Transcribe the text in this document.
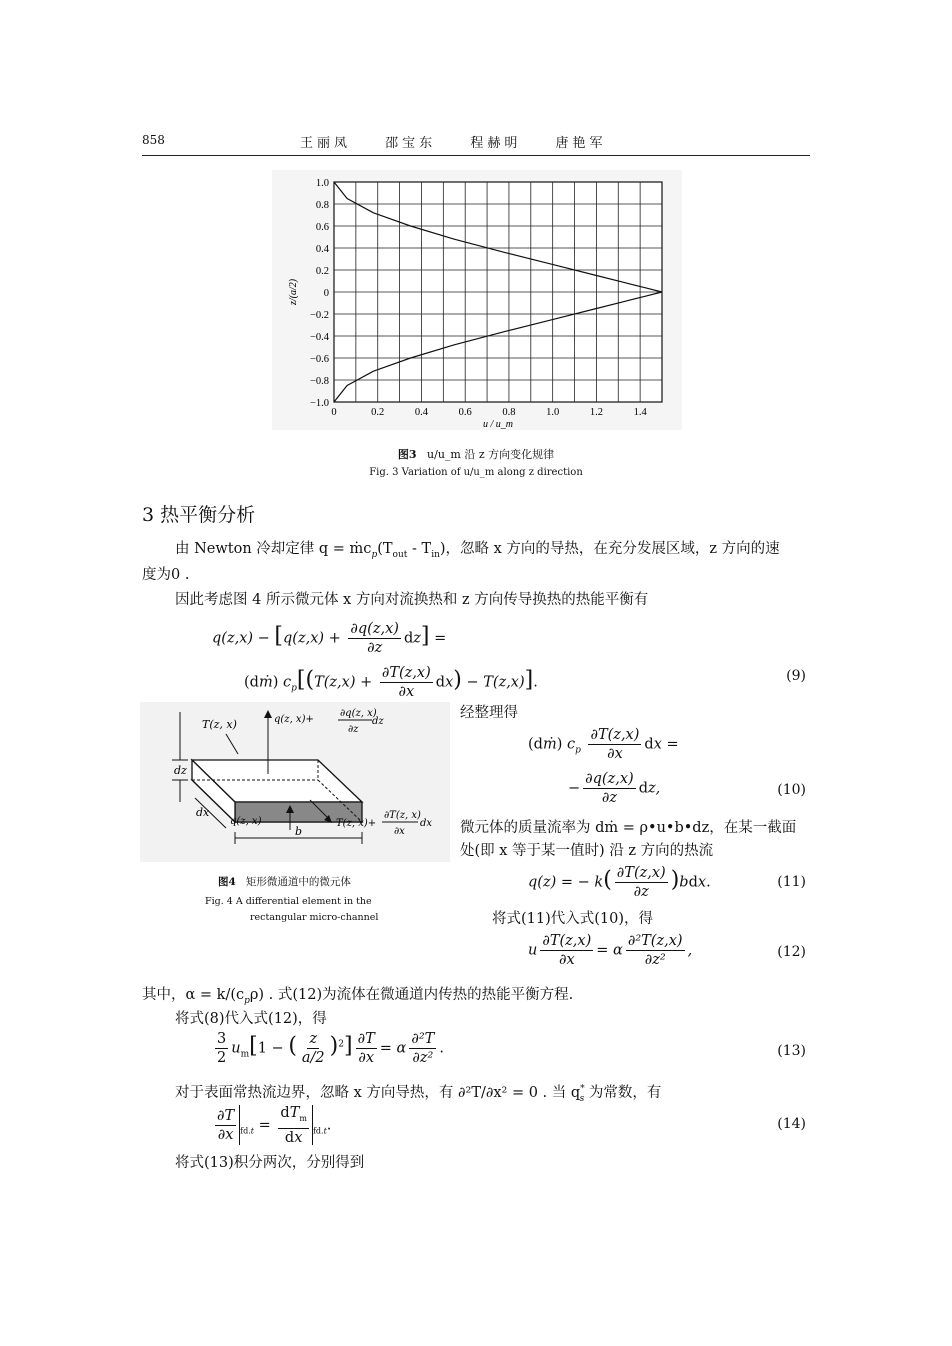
858	王丽凤	邵宝东	程赫明	唐艳军
0	0.2	0.4	0.6	0.8	1.0	1.2	1.4
1.0
0.8
0.6
0.4
0.2
0
−0.2
−0.4
−0.6
−0.8
−1.0
u / u_m
z/(a/2)
图3 u/u_m 沿 z 方向变化规律
Fig. 3 Variation of u/u_m along z direction
3 热平衡分析
由 Newton 冷却定律 $q = ṁc_p(T_{out} - T_{in})$，忽略 x 方向的导热，在充分发展区域，z 方向的速
度为0 .
因此考虑图 4 所示微元体 x 方向对流换热和 z 方向传导换热的热能平衡有
$q(z,x) - [q(z,x) + \frac{\partial q(z,x)}{\partial z} dz]$ =
(dṁ) $c_p[(T(z,x) + \frac{\partial T(z,x)}{\partial x} dx) - T(z,x)]$.	(9)
dz
dx
T(z, x)	q(z, x)+
∂q(z, x)
∂z
dz
q(z, x)
b
T(z, x)+
∂T(z, x)
∂x
dx
图4 矩形微通道中的微元体
Fig. 4 A differential element in the
rectangular micro-channel
经整理得
(dṁ) $c_p \frac{\partial T(z,x)}{\partial x}$ dx =
− $\frac{\partial q(z,x)}{\partial z}$ dz,	(10)
微元体的质量流率为 dṁ = ρ•u•b•dz，在某一截面
处(即 x 等于某一值时) 沿 z 方向的热流
q(z) = − $k( \frac{\partial T(z,x)}{\partial z} )bdx$.	(11)
将式(11)代入式(10)，得
u $\frac{\partial T(z,x)}{\partial x} = \alpha \frac{\text{∂²T(z,x)}}{\text{∂z²}}$ ,	(12)
其中，$\alpha = k/(c_p\rho)$ . 式(12)为流体在微通道内传热的热能平衡方程.
将式(8)代入式(12)，得
$\frac{3}{2} u_m[1$ − ( $\frac{z}{a/2} )^2] \frac{\partial T}{\partial x} = \alpha \frac{\text{∂²T}}{\text{∂z²}}$ .	(13)
对于表面常热流边界，忽略 x 方向导热，有 ∂²T/∂x² = 0 . 当 $q^*_s$ 为常数，有
$\frac{\partial T}{\partial x} _{fd.t} = \frac{dT_m}{dx} _{fd.t}$.	(14)
将式(13)积分两次，分别得到
